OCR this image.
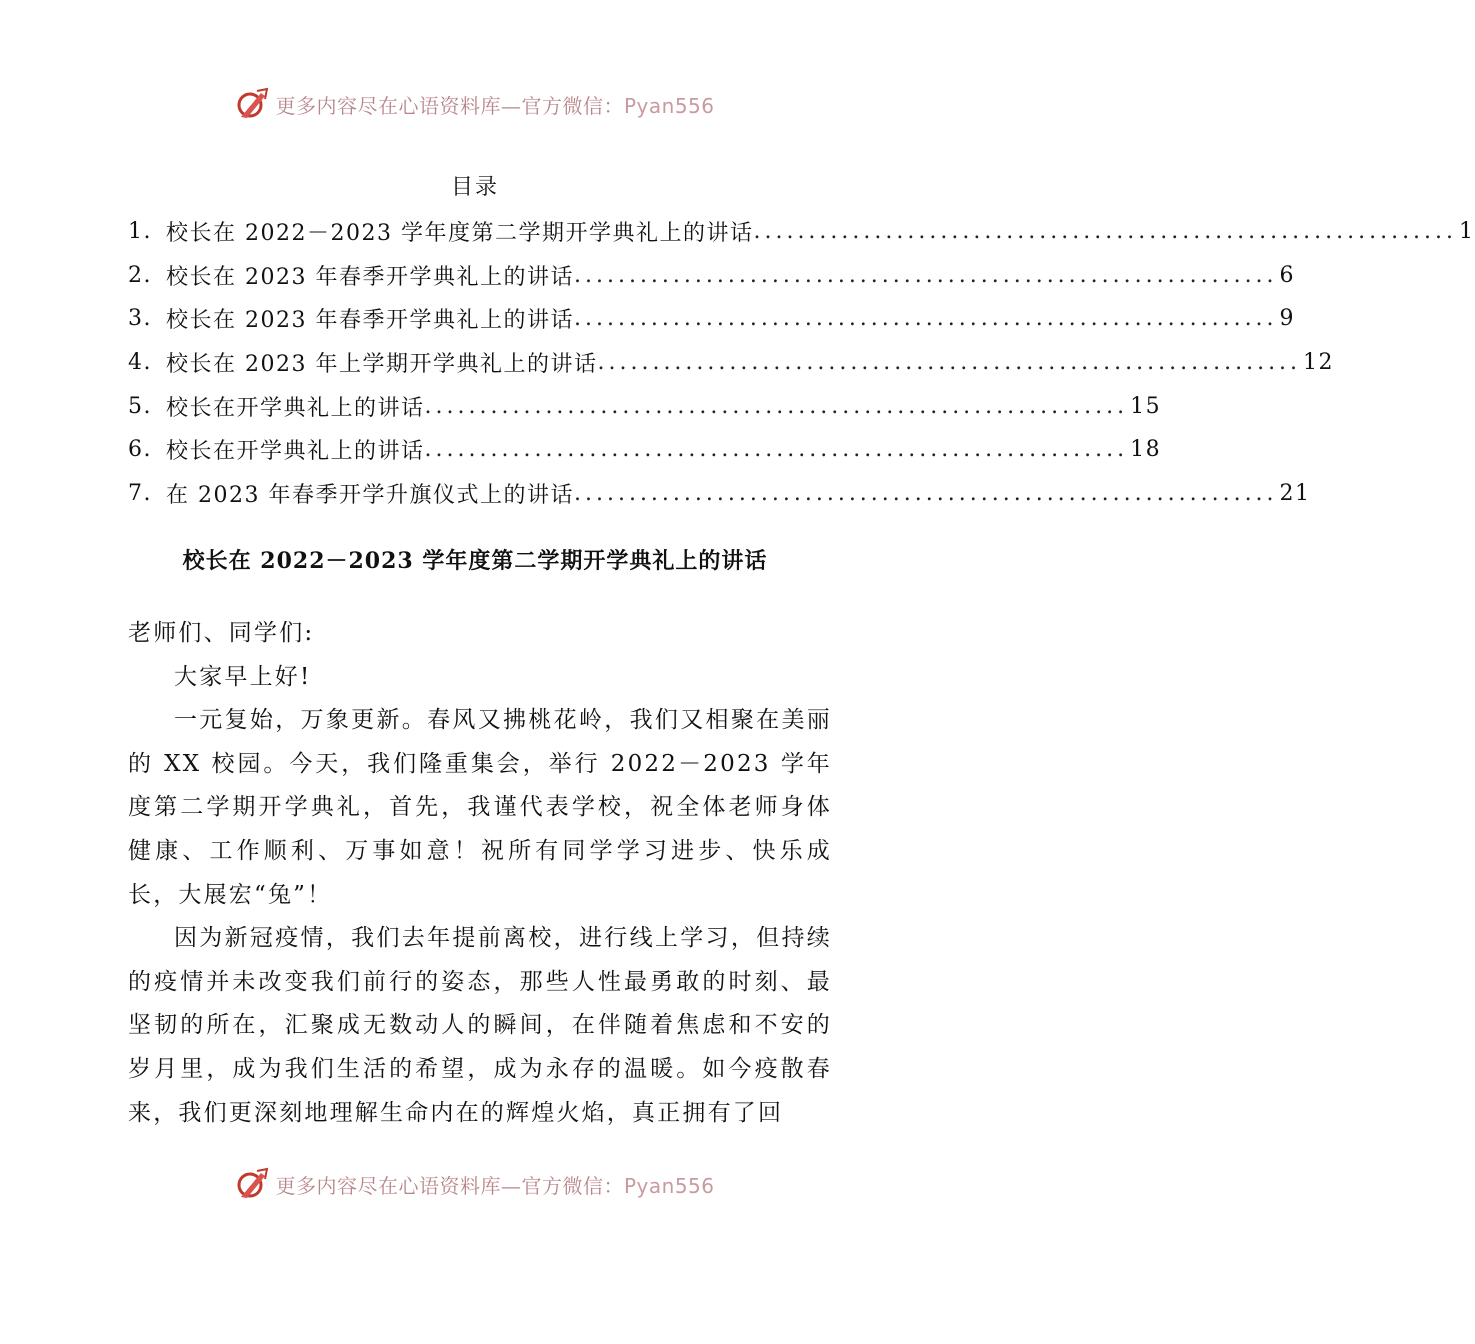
更多内容尽在心语资料库—官方微信：Pyan556
目录
1. 校长在 2022－2023 学年度第二学期开学典礼上的讲话 ................................................................ 1
2. 校长在 2023 年春季开学典礼上的讲话 ................................................................ 6
3. 校长在 2023 年春季开学典礼上的讲话 ................................................................ 9
4. 校长在 2023 年上学期开学典礼上的讲话 ................................................................ 12
5. 校长在开学典礼上的讲话 ................................................................ 15
6. 校长在开学典礼上的讲话 ................................................................ 18
7. 在 2023 年春季开学升旗仪式上的讲话 ................................................................ 21
校长在 2022－2023 学年度第二学期开学典礼上的讲话

老师们、同学们:

大家早上好!

一元复始，万象更新。春风又拂桃花岭，我们又相聚在美丽的 XX 校园。今天，我们隆重集会，举行 2022－2023 学年度第二学期开学典礼，首先，我谨代表学校，祝全体老师身体健康、工作顺利、万事如意！祝所有同学学习进步、快乐成长，大展宏“兔”！

因为新冠疫情，我们去年提前离校，进行线上学习，但持续的疫情并未改变我们前行的姿态，那些人性最勇敢的时刻、最坚韧的所在，汇聚成无数动人的瞬间，在伴随着焦虑和不安的岁月里，成为我们生活的希望，成为永存的温暖。如今疫散春来，我们更深刻地理解生命内在的辉煌火焰，真正拥有了回

更多内容尽在心语资料库—官方微信：Pyan556
